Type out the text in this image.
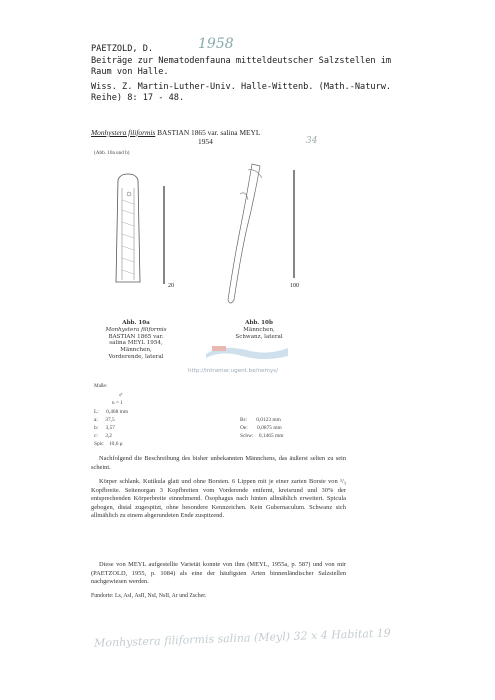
PAETZOLD, D.	1958
Beiträge zur Nematodenfauna mitteldeutscher Salzstellen im
Raum von Halle.
Wiss. Z. Martin-Luther-Univ. Halle-Wittenb. (Math.-Naturw.
Reihe) 8: 17 - 48.
Monhystera filiformis BASTIAN 1865 var. salina MEYL
1954	34
(Abb. 10a und b)
20	100
Abb. 10a
Monhystera filiformis
BASTIAN 1865 var.
salina MEYL 1954,
Männchen,
Vorderende, lateral
Abb. 10b
Männchen,
Schwanz, lateral
http://intramar.ugent.be/nemys/
Maße:
♂
n = 1
L: 0,468 mm
a: 37,5
b: 3,57
c: 3,2
Spic 10,6 μ
Br: 0,0123 mm
Oe: 0,0875 mm
Schw: 0,1465 mm
Nachfolgend die Beschreibung des bisher unbekannten Männchens, das äußerst selten zu sein scheint.
Körper schlank. Kutikula glatt und ohne Borsten. 6 Lippen mit je einer zarten Borste von ¹/₃ Kopfbreite. Seitenorgan 3 Kopfbreiten vom Vorderende entfernt, kreisrund und 30% der entsprechenden Körperbreite einnehmend. Ösophagus nach hinten allmählich erweitert. Spicula gebogen, distal zugespitzt, ohne besondere Kennzeichen. Kein Gubernaculum. Schwanz sich allmählich zu einem abgerundeten Ende zuspitzend.
Diese von MEYL aufgestellte Varietät konnte von ihm (MEYL, 1955a, p. 587) und von mir (PAETZOLD, 1955, p. 1084) als eine der häufigsten Arten binnenländischer Salzstellen nachgewiesen werden.
Fundorte: Ls, AsI, AsII, NsI, NsII, Ar und Zscher.
Monhystera filiformis salina (Meyl) 32 x 4 Habitat 19
